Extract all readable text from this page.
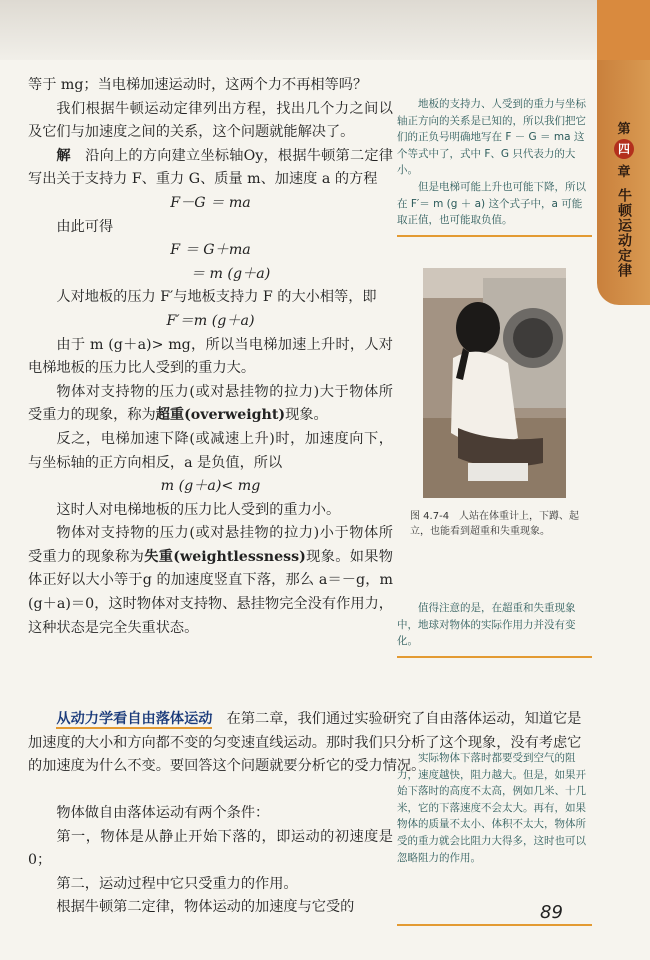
第
四
章
牛顿运动定律

等于 mg；当电梯加速运动时，这两个力不再相等吗？

我们根据牛顿运动定律列出方程，找出几个力之间以及它们与加速度之间的关系，这个问题就能解决了。

解　 沿向上的方向建立坐标轴Oy，根据牛顿第二定律写出关于支持力 F、重力 G、质量 m、加速度 a 的方程

F－G ＝ ma

由此可得

F ＝ G＋ma

＝ m (g＋a)

人对地板的压力 F′与地板支持力 F 的大小相等，即

F′＝m (g＋a)

由于 m (g＋a)> mg，所以当电梯加速上升时，人对电梯地板的压力比人受到的重力大。

物体对支持物的压力(或对悬挂物的拉力)大于物体所受重力的现象，称为超重(overweight)现象。

反之，电梯加速下降(或减速上升)时，加速度向下，与坐标轴的正方向相反，a 是负值，所以

m (g＋a)< mg

这时人对电梯地板的压力比人受到的重力小。

物体对支持物的压力(或对悬挂物的拉力)小于物体所受重力的现象称为失重(weightlessness)现象。如果物体正好以大小等于g 的加速度竖直下落，那么 a＝－g，m (g＋a)＝0，这时物体对支持物、悬挂物完全没有作用力，这种状态是完全失重状态。

地板的支持力、人受到的重力与坐标轴正方向的关系是已知的，所以我们把它们的正负号明确地写在 F － G ＝ ma 这个等式中了，式中 F、G 只代表力的大小。

但是电梯可能上升也可能下降，所以在 F′＝ m (g ＋ a) 这个式子中，a 可能取正值，也可能取负值。

图 4.7-4　人站在体重计上，下蹲、起立，也能看到超重和失重现象。

值得注意的是，在超重和失重现象中，地球对物体的实际作用力并没有变化。

从动力学看自由落体运动　 在第二章，我们通过实验研究了自由落体运动，知道它是加速度的大小和方向都不变的匀变速直线运动。那时我们只分析了这个现象，没有考虑它的加速度为什么不变。要回答这个问题就要分析它的受力情况。

物体做自由落体运动有两个条件：

第一，物体是从静止开始下落的，即运动的初速度是 0；

第二，运动过程中它只受重力的作用。

根据牛顿第二定律，物体运动的加速度与它受的

实际物体下落时都要受到空气的阻力，速度越快，阻力越大。但是，如果开始下落时的高度不太高，例如几米、十几米，它的下落速度不会太大。再有，如果物体的质量不太小、体积不太大，物体所受的重力就会比阻力大得多，这时也可以忽略阻力的作用。

89
